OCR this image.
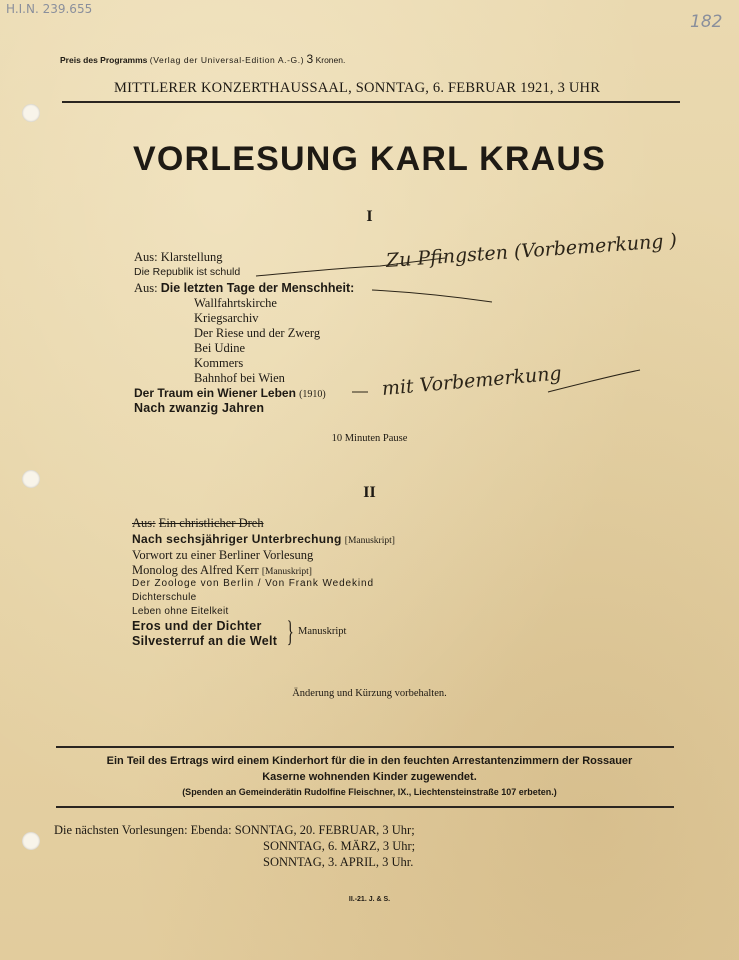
H.I.N. 239.655
182
Preis des Programms (Verlag der Universal-Edition A.-G.) 3 Kronen.
MITTLERER KONZERTHAUSSAAL, SONNTAG, 6. FEBRUAR 1921, 3 UHR
VORLESUNG KARL KRAUS
I
Aus: Klarstellung
Die Republik ist schuld
Aus: Die letzten Tage der Menschheit:
Wallfahrtskirche
Kriegsarchiv
Der Riese und der Zwerg
Bei Udine
Kommers
Bahnhof bei Wien
Der Traum ein Wiener Leben (1910)
Nach zwanzig Jahren
Zu Pfingsten (Vorbemerkung )
mit Vorbemerkung
10 Minuten Pause
II
Aus: Ein christlicher Dreh
Nach sechsjähriger Unterbrechung [Manuskript]
Vorwort zu einer Berliner Vorlesung
Monolog des Alfred Kerr [Manuskript]
Der Zoologe von Berlin / Von Frank Wedekind
Dichterschule
Leben ohne Eitelkeit
Eros und der Dichter
Silvesterruf an die Welt } Manuskript
Änderung und Kürzung vorbehalten.
Ein Teil des Ertrags wird einem Kinderhort für die in den feuchten Arrestantenzimmern der Rossauer
Kaserne wohnenden Kinder zugewendet.
(Spenden an Gemeinderätin Rudolfine Fleischner, IX., Liechtensteinstraße 107 erbeten.)
Die nächsten Vorlesungen: Ebenda: SONNTAG, 20. FEBRUAR, 3 Uhr;
SONNTAG, 6. MÄRZ, 3 Uhr;
SONNTAG, 3. APRIL, 3 Uhr.
II.-21. J. & S.
